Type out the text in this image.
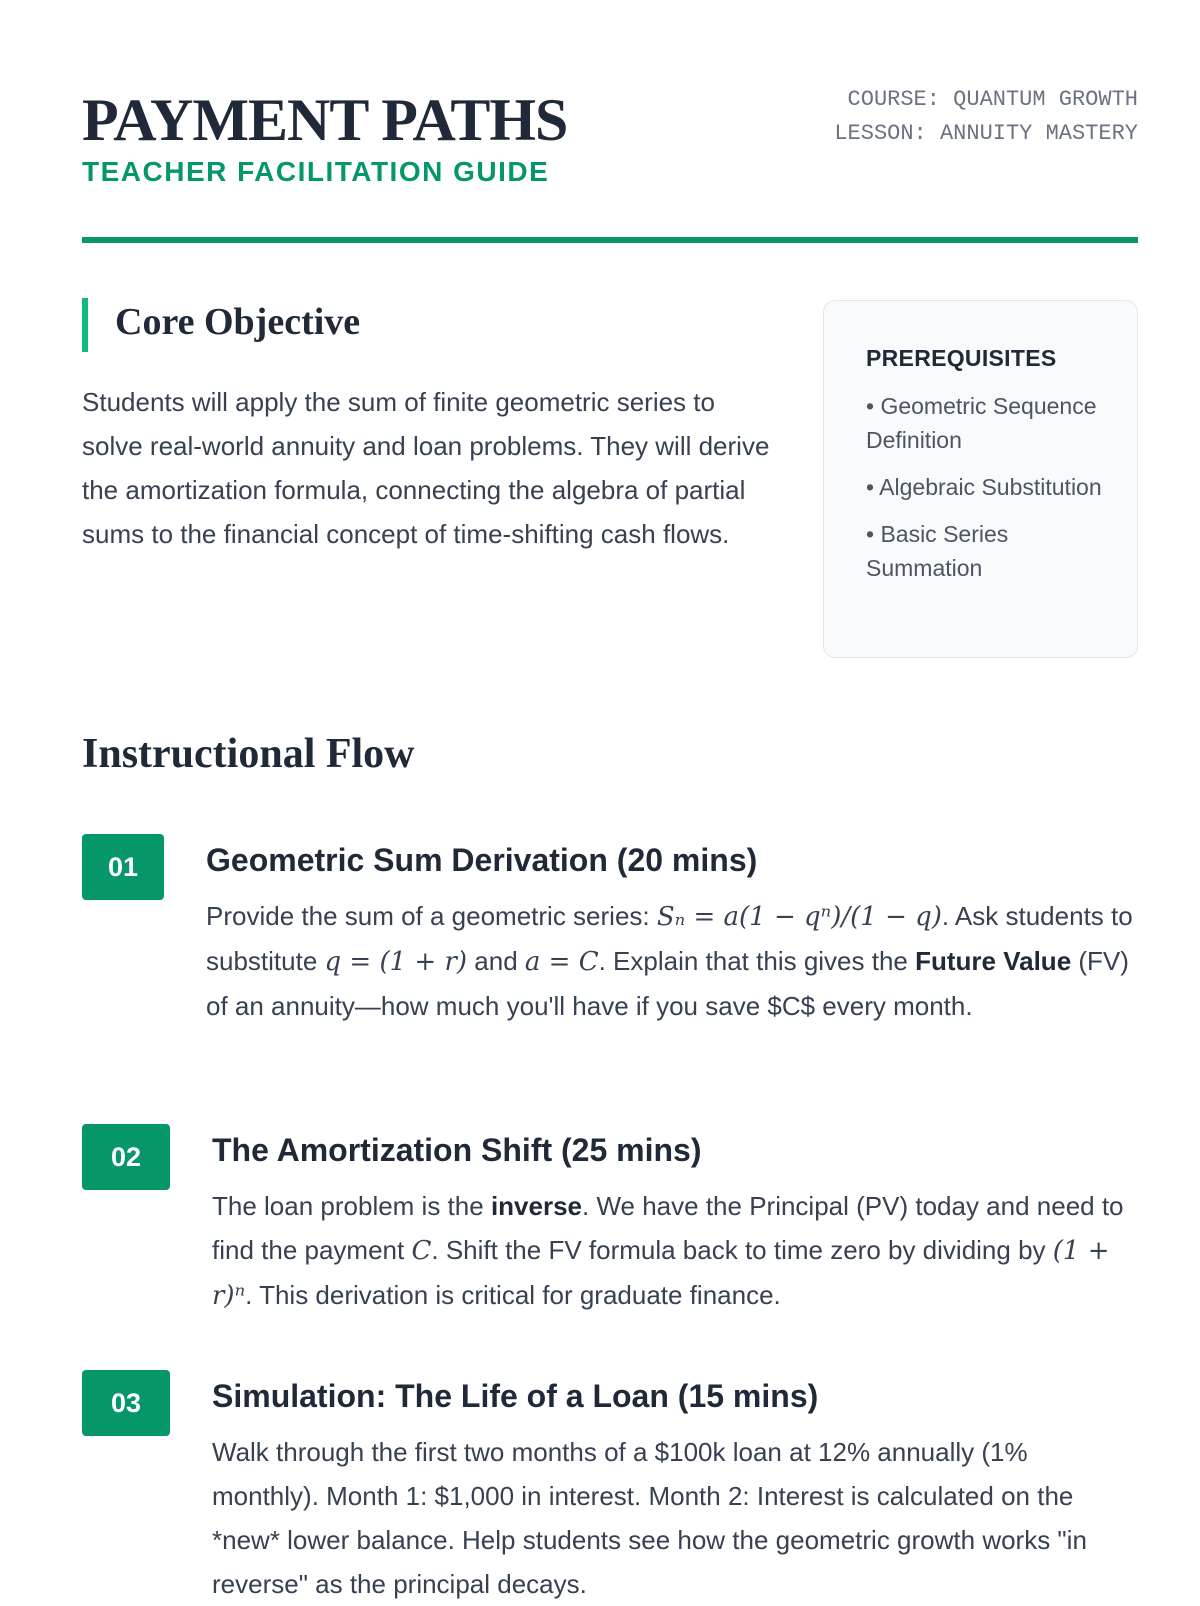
PAYMENT PATHS
TEACHER FACILITATION GUIDE
COURSE: QUANTUM GROWTH
LESSON: ANNUITY MASTERY
Core Objective

Students will apply the sum of finite geometric series to solve real-world annuity and loan problems. They will derive the amortization formula, connecting the algebra of partial sums to the financial concept of time-shifting cash flows.

PREREQUISITES
• Geometric Sequence Definition
• Algebraic Substitution
• Basic Series Summation
Instructional Flow
01	Geometric Sum Derivation (20 mins)

Provide the sum of a geometric series: Sₙ = a(1 − qⁿ)/(1 − q). Ask students to substitute q = (1 + r) and a = C. Explain that this gives the Future Value (FV) of an annuity—how much you'll have if you save $C$ every month.

02	The Amortization Shift (25 mins)

The loan problem is the inverse. We have the Principal (PV) today and need to find the payment C. Shift the FV formula back to time zero by dividing by (1 + r)ⁿ. This derivation is critical for graduate finance.

03	Simulation: The Life of a Loan (15 mins)

Walk through the first two months of a $100k loan at 12% annually (1% monthly). Month 1: $1,000 in interest. Month 2: Interest is calculated on the *new* lower balance. Help students see how the geometric growth works "in reverse" as the principal decays.
